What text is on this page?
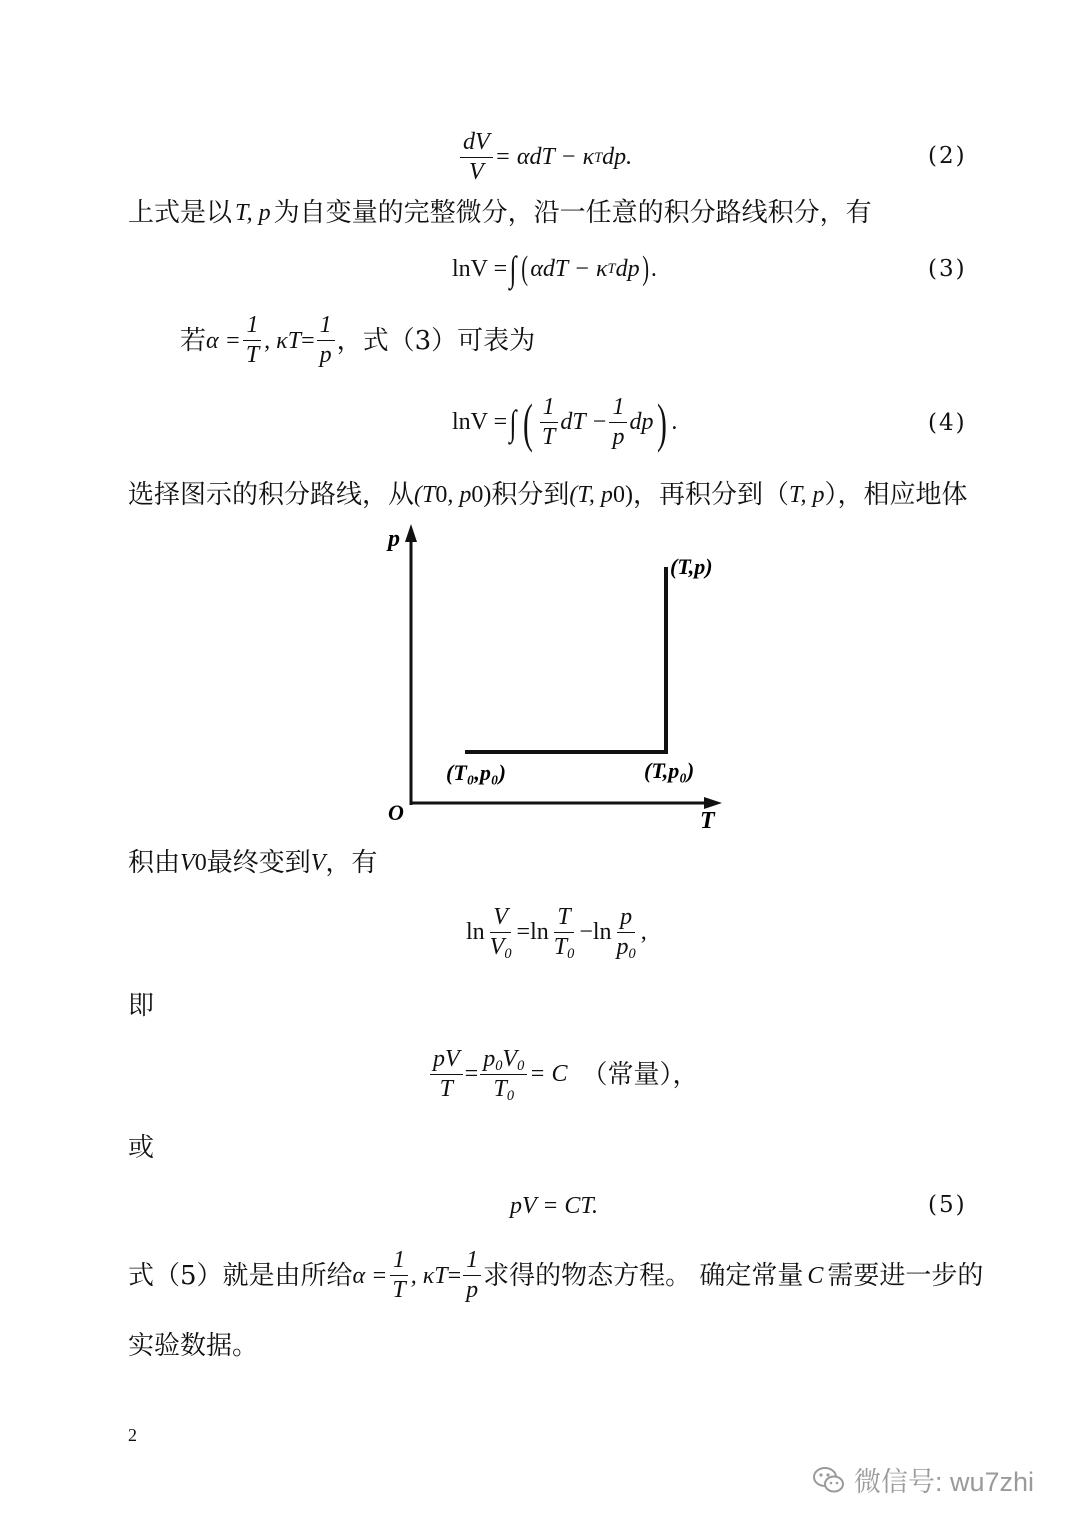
$\frac{dV}{V} = \alpha dT - \kappa$ T dp.	(2)
上式是以 T, p 为自变量的完整微分，沿一任意的积分路线积分，有
lnV = ∫ ( αdT − κ T dp ) .	(3)
若 $\alpha = \frac{1}{T}$ , κ $T = \frac{1}{p}$ ，式（3）可表为
lnV = ∫ ( $\frac{1}{T}$ dT − $\frac{1}{p}$ dp ) .	(4)
选择图示的积分路线，从 (T 0 , p 0 ) 积分到 (T, p 0 ) ，再积分到（ T, p ），相应地体
p
T
O
(T₀,p₀)	(T,p₀)
(T,p)
积由 V 0 最终变到 V ，有
$\ln \frac{V}{V_0} =\ln \frac{T}{T_0} -\ln \frac{p}{p_0}$ ,
即
$\frac{pV}{T} = \frac{p_0V_0}{T_0} = C$ （常量），
或
pV = CT.	(5)
式（5）就是由所给 $\alpha = \frac{1}{T}$ , κ $T = \frac{1}{p}$ 求得的物态方程。 确定常量 C 需要进一步的
实验数据。
2
微信号: wu7zhi
